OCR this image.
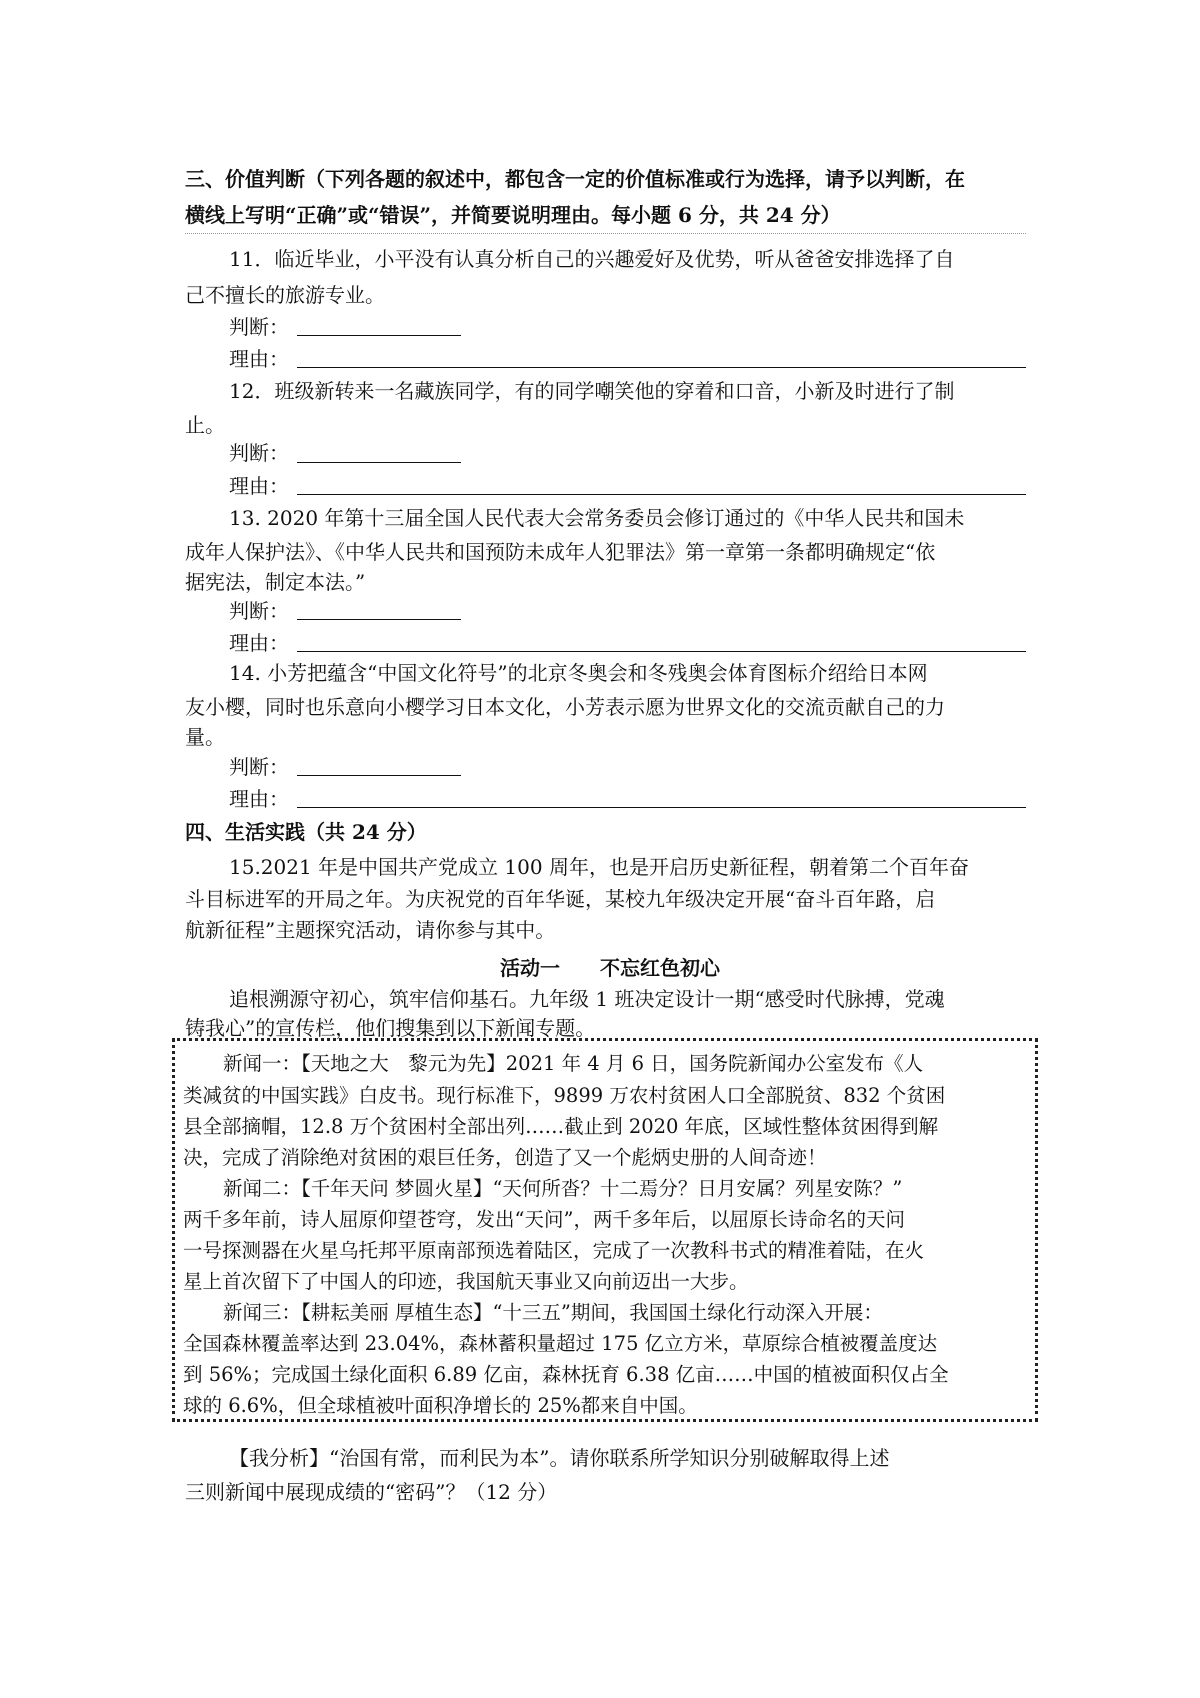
三、价值判断（下列各题的叙述中，都包含一定的价值标准或行为选择，请予以判断，在
横线上写明“正确”或“错误”，并简要说明理由。每小题 6 分，共 24 分）
11．临近毕业，小平没有认真分析自己的兴趣爱好及优势，听从爸爸安排选择了自
己不擅长的旅游专业。
判断：
理由：
12．班级新转来一名藏族同学，有的同学嘲笑他的穿着和口音，小新及时进行了制
止。
判断：
理由：
13. 2020 年第十三届全国人民代表大会常务委员会修订通过的《中华人民共和国未
成年人保护法》、《中华人民共和国预防未成年人犯罪法》第一章第一条都明确规定“依
据宪法，制定本法。”
判断：
理由：
14. 小芳把蕴含“中国文化符号”的北京冬奥会和冬残奥会体育图标介绍给日本网
友小樱，同时也乐意向小樱学习日本文化，小芳表示愿为世界文化的交流贡献自己的力
量。
判断：
理由：
四、生活实践（共 24 分）
15.2021 年是中国共产党成立 100 周年，也是开启历史新征程，朝着第二个百年奋
斗目标进军的开局之年。为庆祝党的百年华诞，某校九年级决定开展“奋斗百年路，启
航新征程”主题探究活动，请你参与其中。
活动一　　不忘红色初心
追根溯源守初心，筑牢信仰基石。九年级 1 班决定设计一期“感受时代脉搏，党魂
铸我心”的宣传栏，他们搜集到以下新闻专题。
新闻一：【天地之大　黎元为先】2021 年 4 月 6 日，国务院新闻办公室发布《人
类减贫的中国实践》白皮书。现行标准下，9899 万农村贫困人口全部脱贫、832 个贫困
县全部摘帽，12.8 万个贫困村全部出列……截止到 2020 年底，区域性整体贫困得到解
决，完成了消除绝对贫困的艰巨任务，创造了又一个彪炳史册的人间奇迹！
新闻二：【千年天问 梦圆火星】“天何所沓？十二焉分？日月安属？列星安陈？”
两千多年前，诗人屈原仰望苍穹，发出“天问”，两千多年后，以屈原长诗命名的天问
一号探测器在火星乌托邦平原南部预选着陆区，完成了一次教科书式的精准着陆，在火
星上首次留下了中国人的印迹，我国航天事业又向前迈出一大步。
新闻三：【耕耘美丽 厚植生态】“十三五”期间，我国国土绿化行动深入开展：
全国森林覆盖率达到 23.04%，森林蓄积量超过 175 亿立方米，草原综合植被覆盖度达
到 56%；完成国土绿化面积 6.89 亿亩，森林抚育 6.38 亿亩……中国的植被面积仅占全
球的 6.6%，但全球植被叶面积净增长的 25%都来自中国。
【我分析】“治国有常，而利民为本”。请你联系所学知识分别破解取得上述
三则新闻中展现成绩的“密码”？（12 分）
